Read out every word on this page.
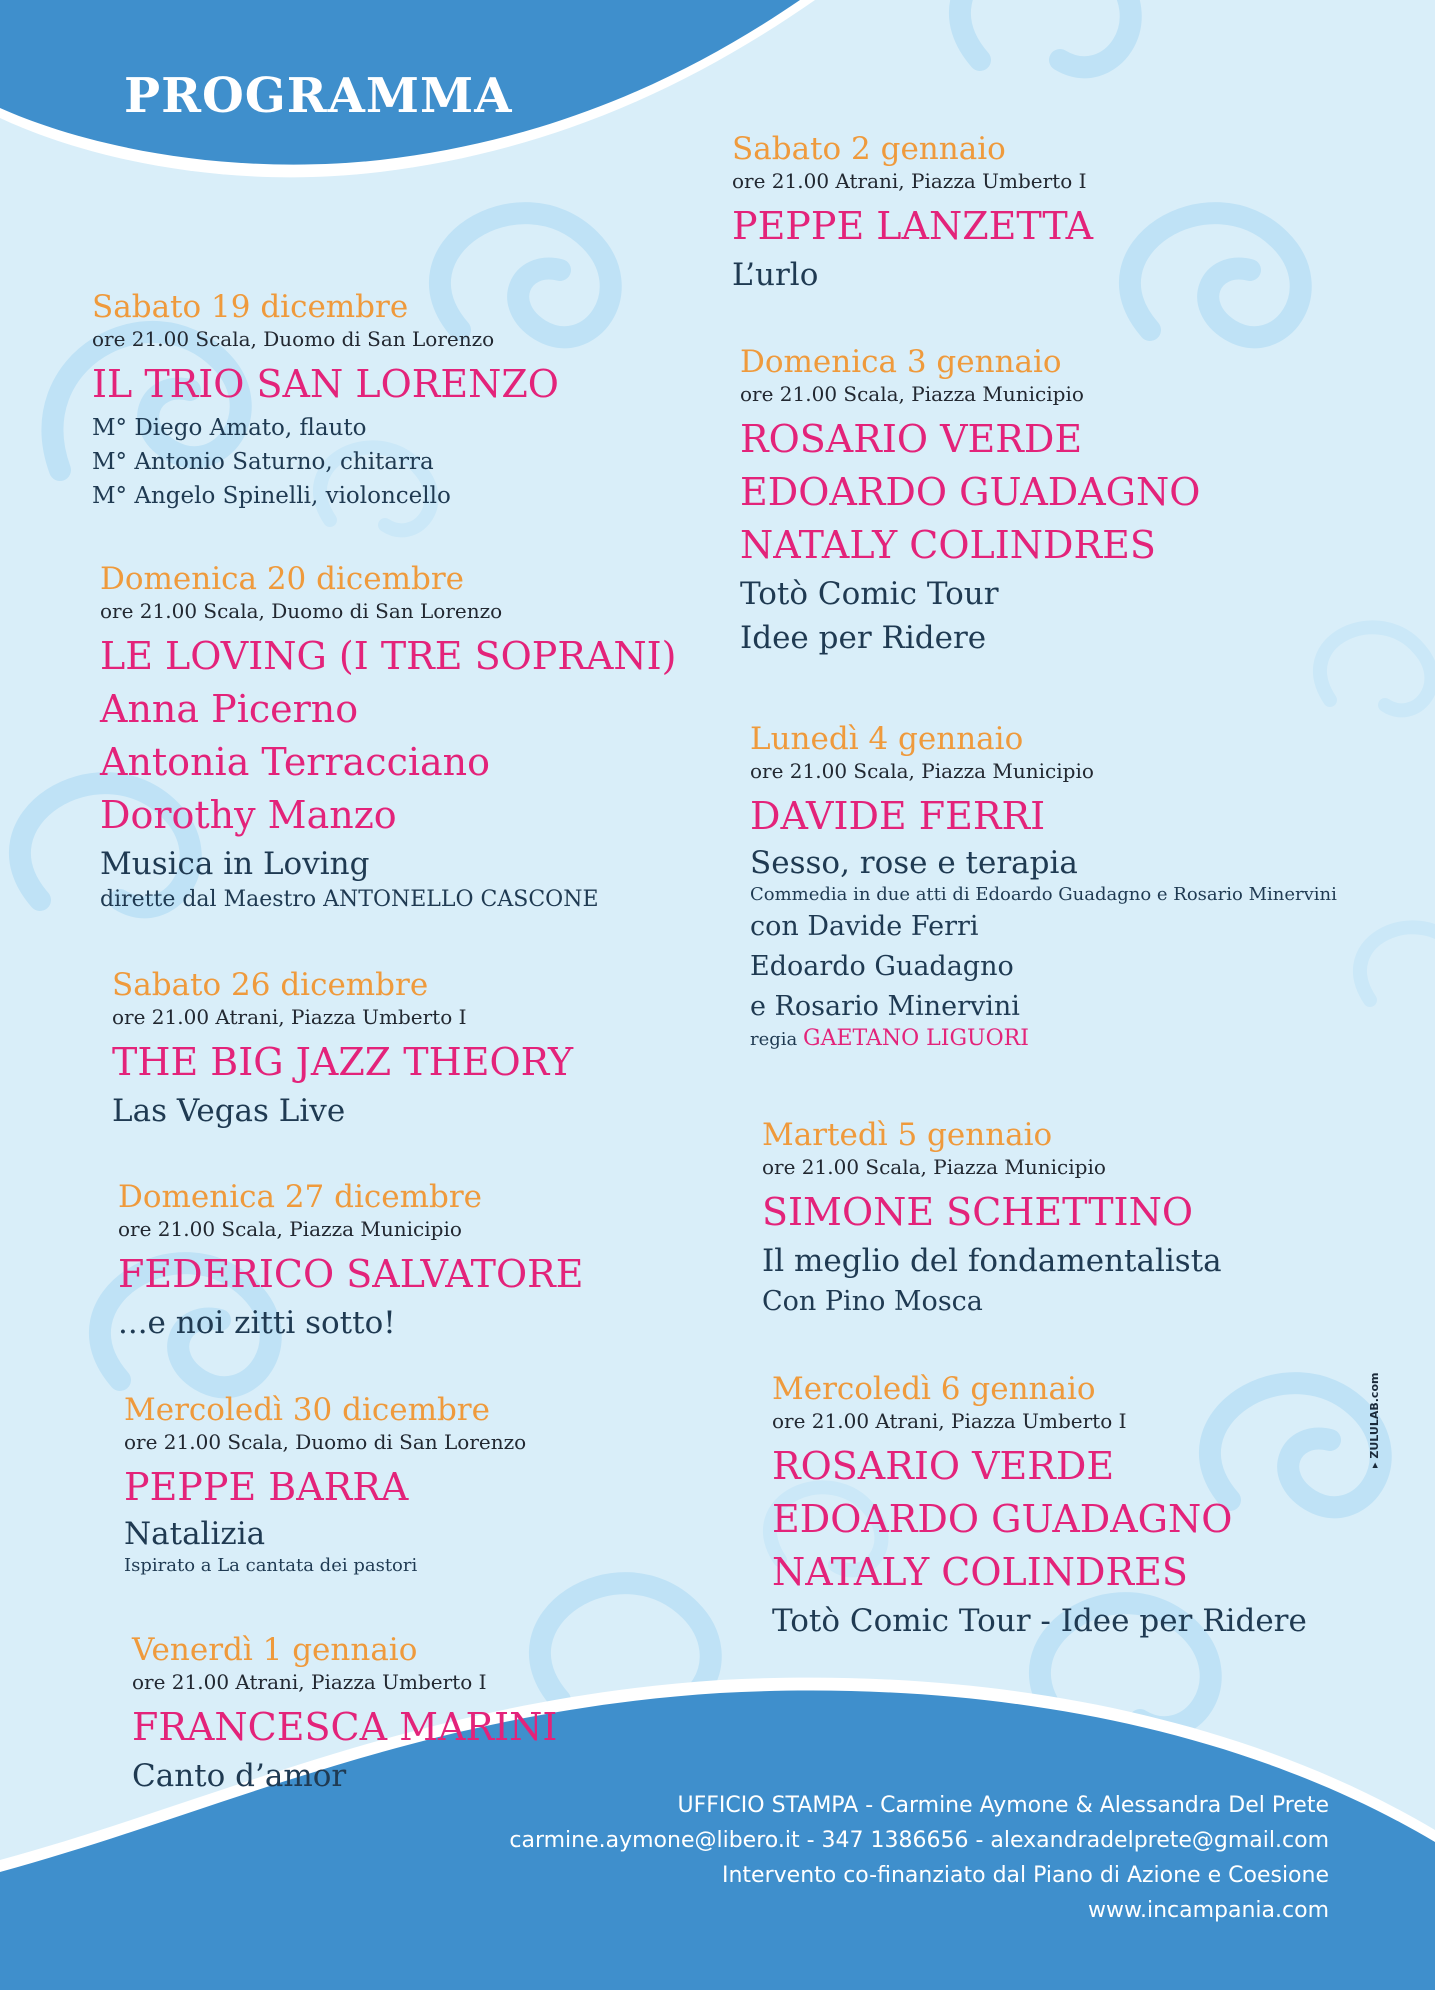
PROGRAMMA
Sabato 19 dicembre
ore 21.00 Scala, Duomo di San Lorenzo
IL TRIO SAN LORENZO
M° Diego Amato, flauto
M° Antonio Saturno, chitarra
M° Angelo Spinelli, violoncello
Domenica 20 dicembre
ore 21.00 Scala, Duomo di San Lorenzo
LE LOVING (I TRE SOPRANI)
Anna Picerno
Antonia Terracciano
Dorothy Manzo
Musica in Loving
dirette dal Maestro ANTONELLO CASCONE
Sabato 26 dicembre
ore 21.00 Atrani, Piazza Umberto I
THE BIG JAZZ THEORY
Las Vegas Live
Domenica 27 dicembre
ore 21.00 Scala, Piazza Municipio
FEDERICO SALVATORE
...e noi zitti sotto!
Mercoledì 30 dicembre
ore 21.00 Scala, Duomo di San Lorenzo
PEPPE BARRA
Natalizia
Ispirato a La cantata dei pastori
Venerdì 1 gennaio
ore 21.00 Atrani, Piazza Umberto I
FRANCESCA MARINI
Canto d’amor
Sabato 2 gennaio
ore 21.00 Atrani, Piazza Umberto I
PEPPE LANZETTA
L’urlo
Domenica 3 gennaio
ore 21.00 Scala, Piazza Municipio
ROSARIO VERDE
EDOARDO GUADAGNO
NATALY COLINDRES
Totò Comic Tour
Idee per Ridere
Lunedì 4 gennaio
ore 21.00 Scala, Piazza Municipio
DAVIDE FERRI
Sesso, rose e terapia
Commedia in due atti di Edoardo Guadagno e Rosario Minervini
con Davide Ferri
Edoardo Guadagno
e Rosario Minervini
regia GAETANO LIGUORI
Martedì 5 gennaio
ore 21.00 Scala, Piazza Municipio
SIMONE SCHETTINO
Il meglio del fondamentalista
Con Pino Mosca
Mercoledì 6 gennaio
ore 21.00 Atrani, Piazza Umberto I
ROSARIO VERDE
EDOARDO GUADAGNO
NATALY COLINDRES
Totò Comic Tour - Idee per Ridere
▸ ZULULAB.com
UFFICIO STAMPA - Carmine Aymone & Alessandra Del Prete
carmine.aymone@libero.it - 347 1386656 - alexandradelprete@gmail.com
Intervento co-finanziato dal Piano di Azione e Coesione
www.incampania.com
